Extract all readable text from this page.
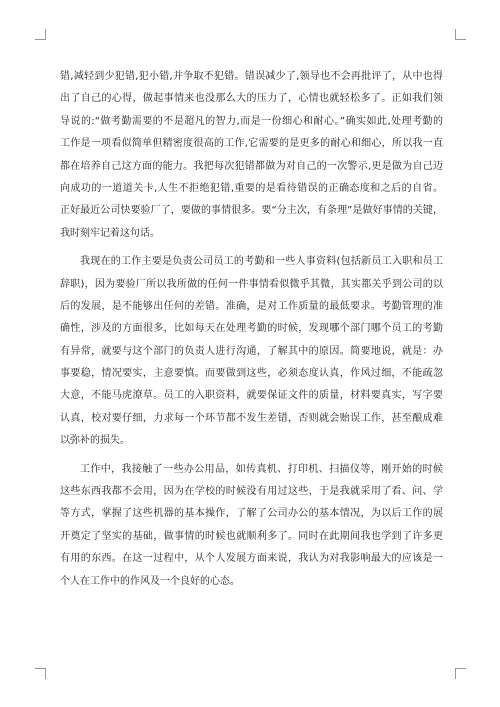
错,减轻到少犯错,犯小错,并争取不犯错。错误减少了,领导也不会再批评了，从中也得
出了自己的心得，做起事情来也没那么大的压力了，心情也就轻松多了。正如我们领
导说的:“做考勤需要的不是超凡的智力,而是一份细心和耐心。”确实如此,处理考勤的
工作是一项看似简单但精密度很高的工作,它需要的是更多的耐心和细心，所以我一直
都在培养自己这方面的能力。我把每次犯错都做为对自己的一次警示,更是做为自己迈
向成功的一道道关卡,人生不拒绝犯错,重要的是看待错误的正确态度和之后的自省。
正好最近公司快要验厂了，要做的事情很多。要“分主次，有条理”是做好事情的关键，
我时刻牢记着这句话。
我现在的工作主要是负责公司员工的考勤和一些人事资料(包括新员工入职和员工
辞职)，因为要验厂所以我所做的任何一件事情看似微乎其微，其实都关乎到公司的以
后的发展，是不能够出任何的差错。准确，是对工作质量的最低要求。考勤管理的准
确性，涉及的方面很多，比如每天在处理考勤的时候，发现哪个部门哪个员工的考勤
有异常，就要与这个部门的负责人进行沟通，了解其中的原因。简要地说，就是：办
事要稳，情况要实，主意要慎。而要做到这些，必须态度认真，作风过细，不能疏忽
大意，不能马虎潦草。员工的入职资料，就要保证文件的质量，材料要真实，写字要
认真，校对要仔细，力求每一个环节都不发生差错，否则就会贻误工作，甚至酿成难
以弥补的损失。
工作中，我接触了一些办公用品，如传真机、打印机、扫描仪等，刚开始的时候
这些东西我都不会用，因为在学校的时候没有用过这些，于是我就采用了看、问、学
等方式，掌握了这些机器的基本操作，了解了公司办公的基本情况，为以后工作的展
开奠定了坚实的基础，做事情的时候也就顺利多了。同时在此期间我也学到了许多更
有用的东西。在这一过程中，从个人发展方面来说，我认为对我影响最大的应该是一
个人在工作中的作风及一个良好的心态。
